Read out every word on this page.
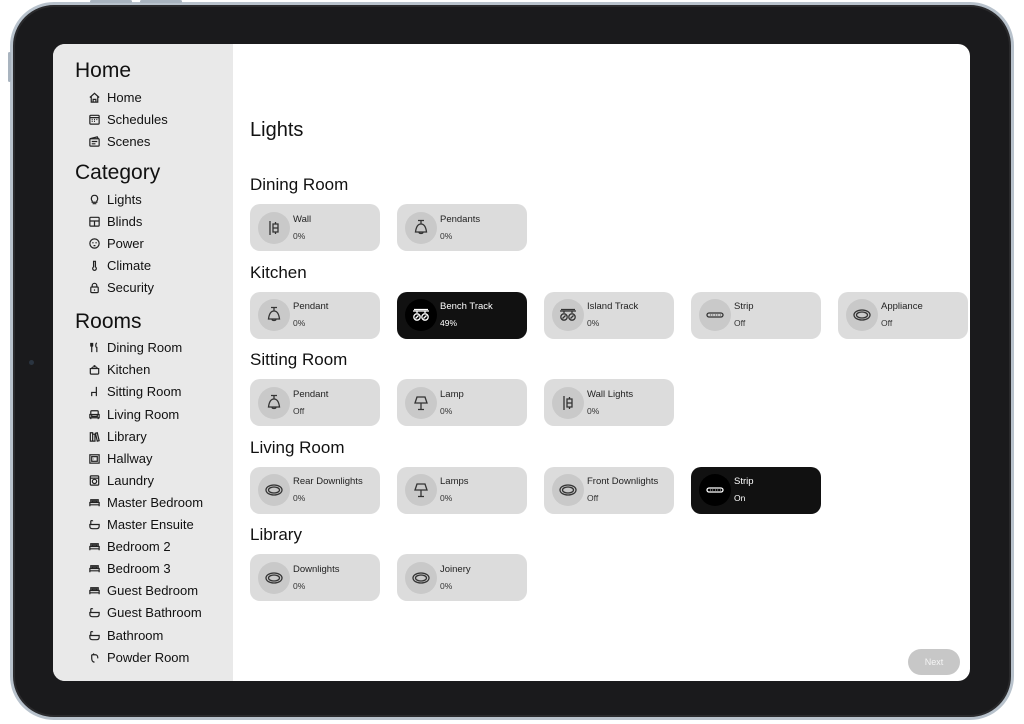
Home
Home
Schedules
Scenes
Category
Lights
Blinds
Power
Climate
Security
Rooms
Dining Room
Kitchen
Sitting Room
Living Room
Library
Hallway
Laundry
Master Bedroom
Master Ensuite
Bedroom 2
Bedroom 3
Guest Bedroom
Guest Bathroom
Bathroom
Powder Room
Lights
Next
Dining Room
Wall
0%
Pendants
0%
Kitchen
Pendant
0%
Bench Track
49%
Island Track
0%
Strip
Off
Appliance
Off
Sitting Room
Pendant
Off
Lamp
0%
Wall Lights
0%
Living Room
Rear Downlights
0%
Lamps
0%
Front Downlights
Off
Strip
On
Library
Downlights
0%
Joinery
0%
